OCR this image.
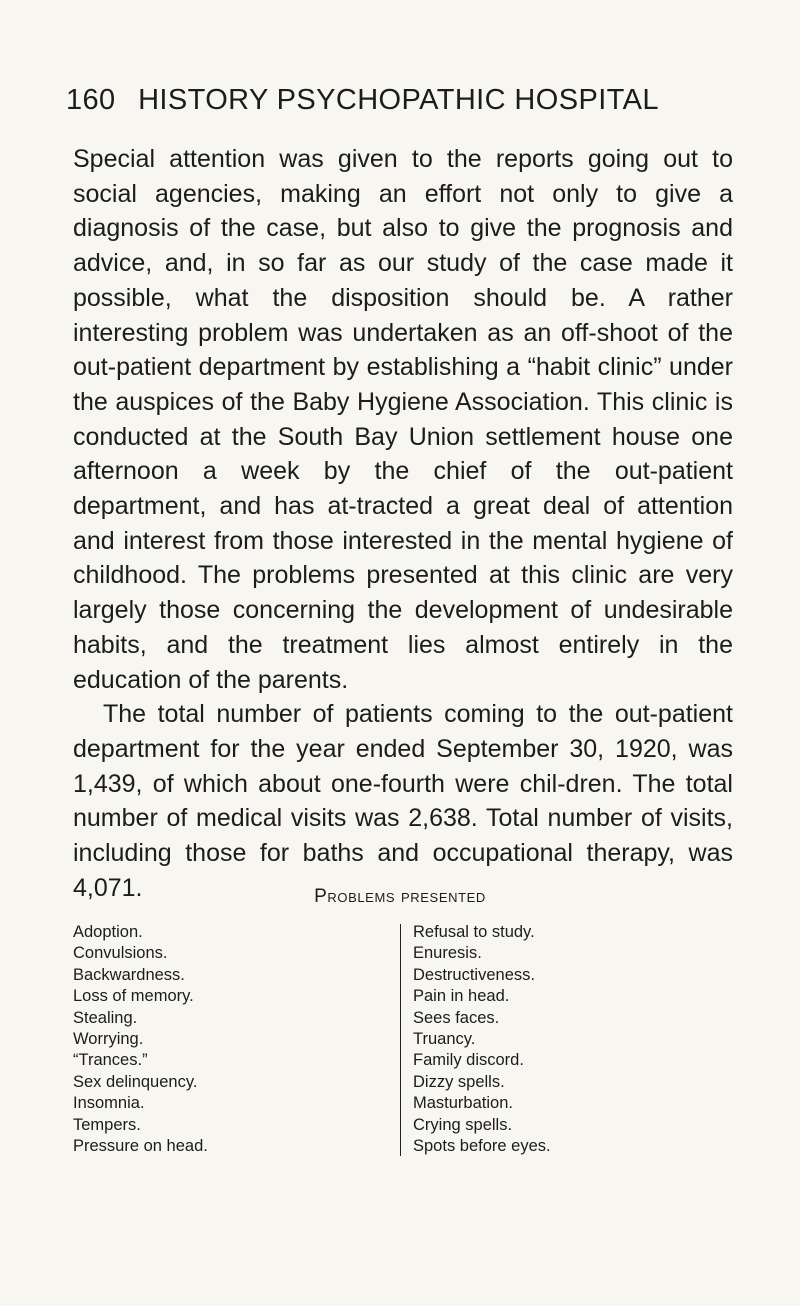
160 HISTORY PSYCHOPATHIC HOSPITAL

Special attention was given to the reports going out to social agencies, making an effort not only to give a diagnosis of the case, but also to give the prognosis and advice, and, in so far as our study of the case made it possible, what the disposition should be. A rather interesting problem was undertaken as an off-shoot of the out-patient department by establishing a “habit clinic” under the auspices of the Baby Hygiene Association. This clinic is conducted at the South Bay Union settlement house one afternoon a week by the chief of the out-patient department, and has at-tracted a great deal of attention and interest from those interested in the mental hygiene of childhood. The problems presented at this clinic are very largely those concerning the development of undesirable habits, and the treatment lies almost entirely in the education of the parents.

The total number of patients coming to the out-patient department for the year ended September 30, 1920, was 1,439, of which about one-fourth were chil-dren. The total number of medical visits was 2,638. Total number of visits, including those for baths and occupational therapy, was 4,071.	Problems presented
Adoption.
Convulsions.
Backwardness.
Loss of memory.
Stealing.
Worrying.
“Trances.”
Sex delinquency.
Insomnia.
Tempers.
Pressure on head.
Refusal to study.
Enuresis.
Destructiveness.
Pain in head.
Sees faces.
Truancy.
Family discord.
Dizzy spells.
Masturbation.
Crying spells.
Spots before eyes.
